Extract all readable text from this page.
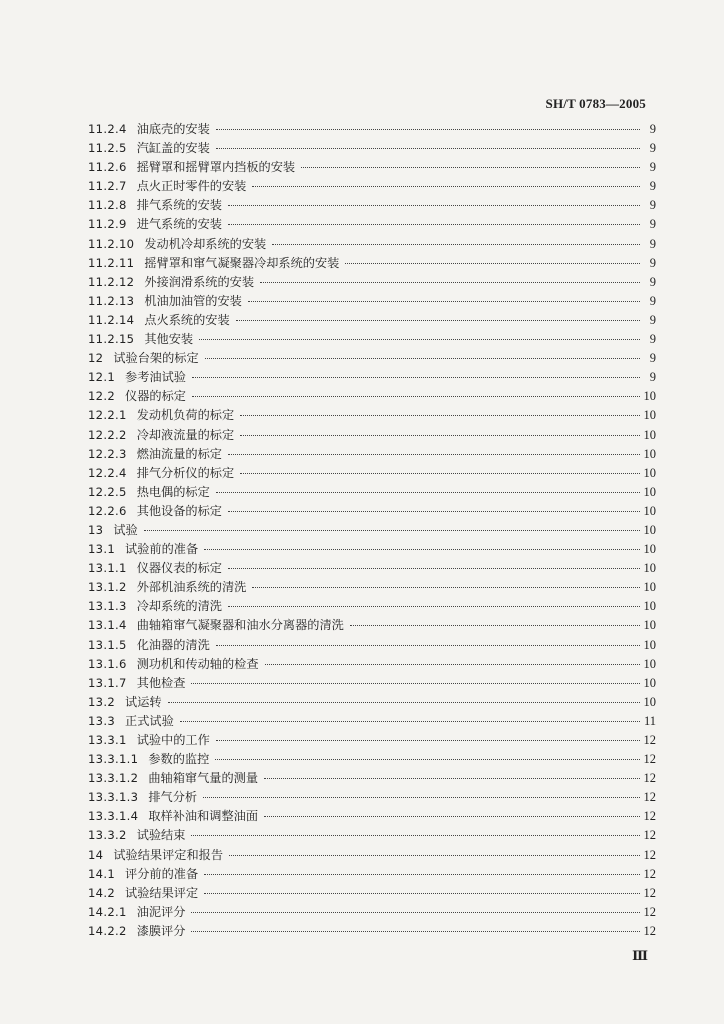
SH/T 0783—2005
11.2.4 油底壳的安装	9
11.2.5 汽缸盖的安装	9
11.2.6 摇臂罩和摇臂罩内挡板的安装	9
11.2.7 点火正时零件的安装	9
11.2.8 排气系统的安装	9
11.2.9 进气系统的安装	9
11.2.10 发动机冷却系统的安装	9
11.2.11 摇臂罩和窜气凝聚器冷却系统的安装	9
11.2.12 外接润滑系统的安装	9
11.2.13 机油加油管的安装	9
11.2.14 点火系统的安装	9
11.2.15 其他安装	9
12 试验台架的标定	9
12.1 参考油试验	9
12.2 仪器的标定	10
12.2.1 发动机负荷的标定	10
12.2.2 冷却液流量的标定	10
12.2.3 燃油流量的标定	10
12.2.4 排气分析仪的标定	10
12.2.5 热电偶的标定	10
12.2.6 其他设备的标定	10
13 试验	10
13.1 试验前的准备	10
13.1.1 仪器仪表的标定	10
13.1.2 外部机油系统的清洗	10
13.1.3 冷却系统的清洗	10
13.1.4 曲轴箱窜气凝聚器和油水分离器的清洗	10
13.1.5 化油器的清洗	10
13.1.6 测功机和传动轴的检查	10
13.1.7 其他检查	10
13.2 试运转	10
13.3 正式试验	11
13.3.1 试验中的工作	12
13.3.1.1 参数的监控	12
13.3.1.2 曲轴箱窜气量的测量	12
13.3.1.3 排气分析	12
13.3.1.4 取样补油和调整油面	12
13.3.2 试验结束	12
14 试验结果评定和报告	12
14.1 评分前的准备	12
14.2 试验结果评定	12
14.2.1 油泥评分	12
14.2.2 漆膜评分	12
Ⅲ
